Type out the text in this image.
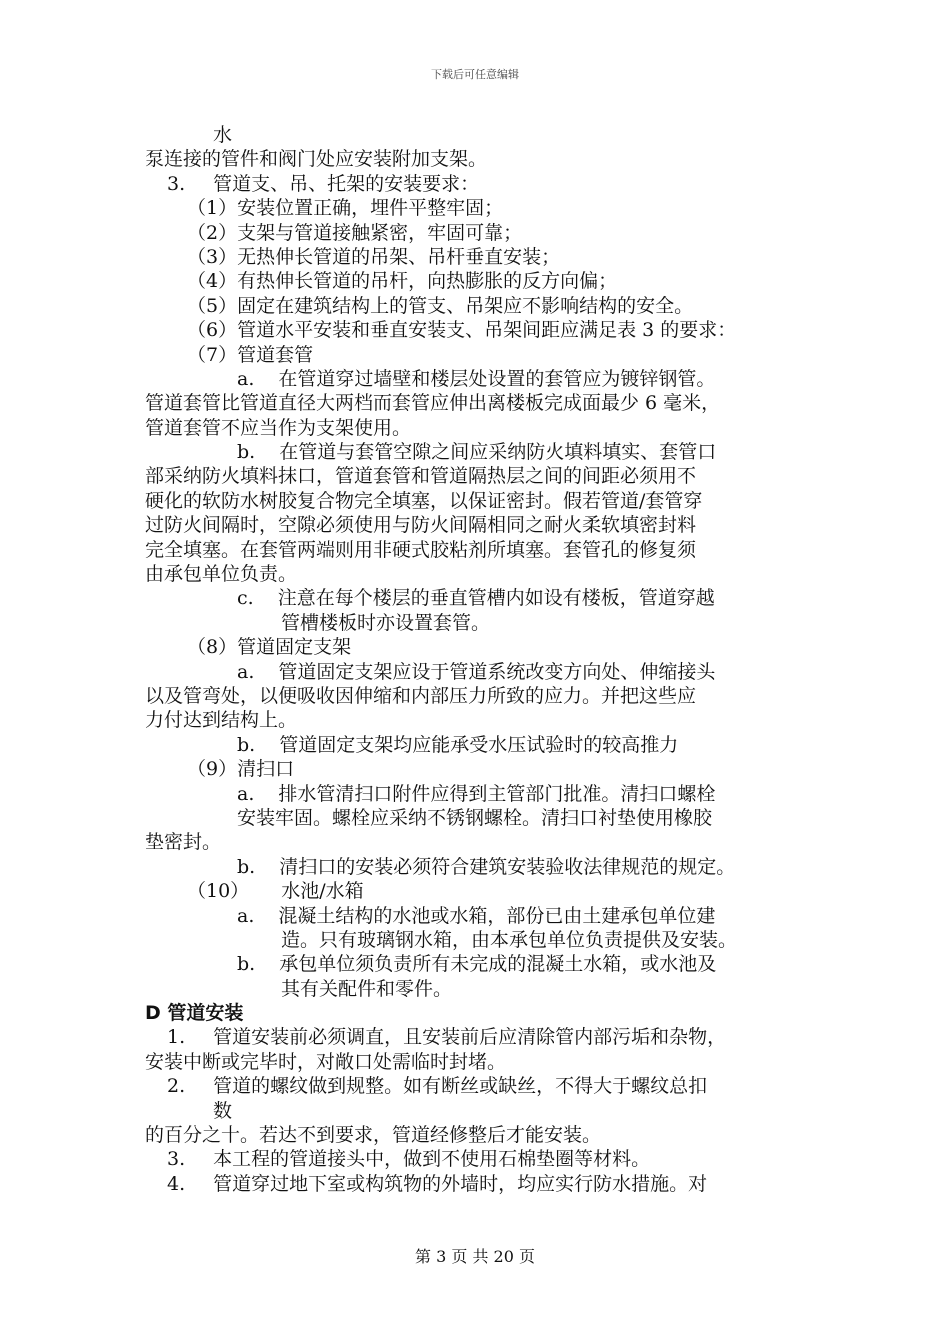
下载后可任意编辑
水
泵连接的管件和阀门处应安装附加支架。
3. 管道支、吊、托架的安装要求：
（1）安装位置正确，埋件平整牢固；
（2）支架与管道接触紧密，牢固可靠；
（3）无热伸长管道的吊架、吊杆垂直安装；
（4）有热伸长管道的吊杆，向热膨胀的反方向偏；
（5）固定在建筑结构上的管支、吊架应不影响结构的安全。
（6）管道水平安装和垂直安装支、吊架间距应满足表 3 的要求：
（7）管道套管
a. 在管道穿过墙壁和楼层处设置的套管应为镀锌钢管。
管道套管比管道直径大两档而套管应伸出离楼板完成面最少 6 毫米，
管道套管不应当作为支架使用。
b. 在管道与套管空隙之间应采纳防火填料填实、套管口
部采纳防火填料抹口，管道套管和管道隔热层之间的间距必须用不
硬化的软防水树胶复合物完全填塞，以保证密封。假若管道/套管穿
过防火间隔时，空隙必须使用与防火间隔相同之耐火柔软填密封料
完全填塞。在套管两端则用非硬式胶粘剂所填塞。套管孔的修复须
由承包单位负责。
c. 注意在每个楼层的垂直管槽内如设有楼板，管道穿越
管槽楼板时亦设置套管。
（8）管道固定支架
a. 管道固定支架应设于管道系统改变方向处、伸缩接头
以及管弯处，以便吸收因伸缩和内部压力所致的应力。并把这些应
力付达到结构上。
b. 管道固定支架均应能承受水压试验时的较高推力
（9）清扫口
a. 排水管清扫口附件应得到主管部门批准。清扫口螺栓
安装牢固。螺栓应采纳不锈钢螺栓。清扫口衬垫使用橡胶
垫密封。
b. 清扫口的安装必须符合建筑安装验收法律规范的规定。
（10） 水池/水箱
a. 混凝土结构的水池或水箱，部份已由土建承包单位建
造。只有玻璃钢水箱，由本承包单位负责提供及安装。
b. 承包单位须负责所有未完成的混凝土水箱，或水池及
其有关配件和零件。
D 管道安装
1. 管道安装前必须调直，且安装前后应清除管内部污垢和杂物，
安装中断或完毕时，对敞口处需临时封堵。
2. 管道的螺纹做到规整。如有断丝或缺丝，不得大于螺纹总扣
数
的百分之十。若达不到要求，管道经修整后才能安装。
3. 本工程的管道接头中，做到不使用石棉垫圈等材料。
4. 管道穿过地下室或构筑物的外墙时，均应实行防水措施。对
第 3 页 共 20 页
